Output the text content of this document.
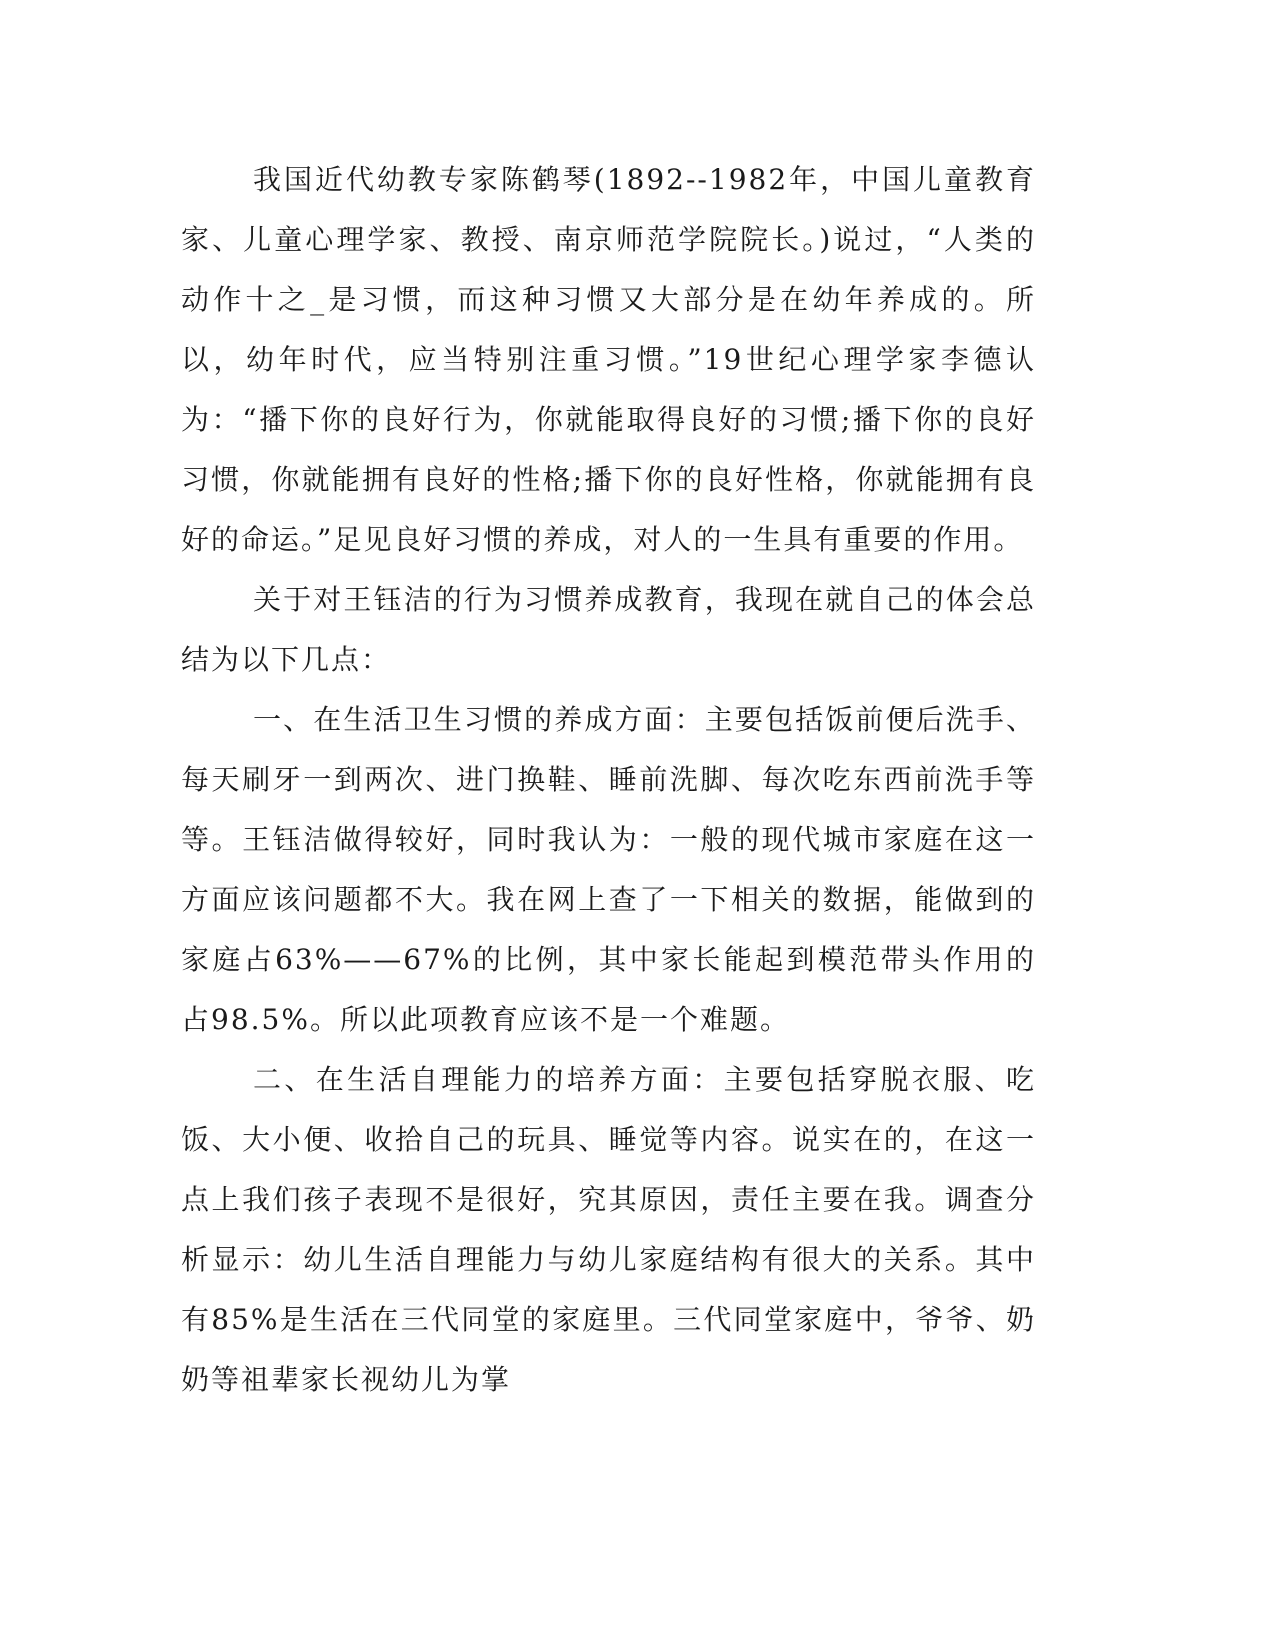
我国近代幼教专家陈鹤琴(1892--1982年，中国儿童教育家、儿童心理学家、教授、南京师范学院院长。)说过，“人类的动作十之_是习惯，而这种习惯又大部分是在幼年养成的。所以，幼年时代，应当特别注重习惯。”19世纪心理学家李德认为：“播下你的良好行为，你就能取得良好的习惯;播下你的良好习惯，你就能拥有良好的性格;播下你的良好性格，你就能拥有良好的命运。”足见良好习惯的养成，对人的一生具有重要的作用。

关于对王钰洁的行为习惯养成教育，我现在就自己的体会总结为以下几点：

一、在生活卫生习惯的养成方面：主要包括饭前便后洗手、每天刷牙一到两次、进门换鞋、睡前洗脚、每次吃东西前洗手等等。王钰洁做得较好，同时我认为：一般的现代城市家庭在这一方面应该问题都不大。我在网上查了一下相关的数据，能做到的家庭占63%——67%的比例，其中家长能起到模范带头作用的占98.5%。所以此项教育应该不是一个难题。

二、在生活自理能力的培养方面：主要包括穿脱衣服、吃饭、大小便、收拾自己的玩具、睡觉等内容。说实在的，在这一点上我们孩子表现不是很好，究其原因，责任主要在我。调查分析显示：幼儿生活自理能力与幼儿家庭结构有很大的关系。其中有85%是生活在三代同堂的家庭里。三代同堂家庭中，爷爷、奶奶等祖辈家长视幼儿为掌
